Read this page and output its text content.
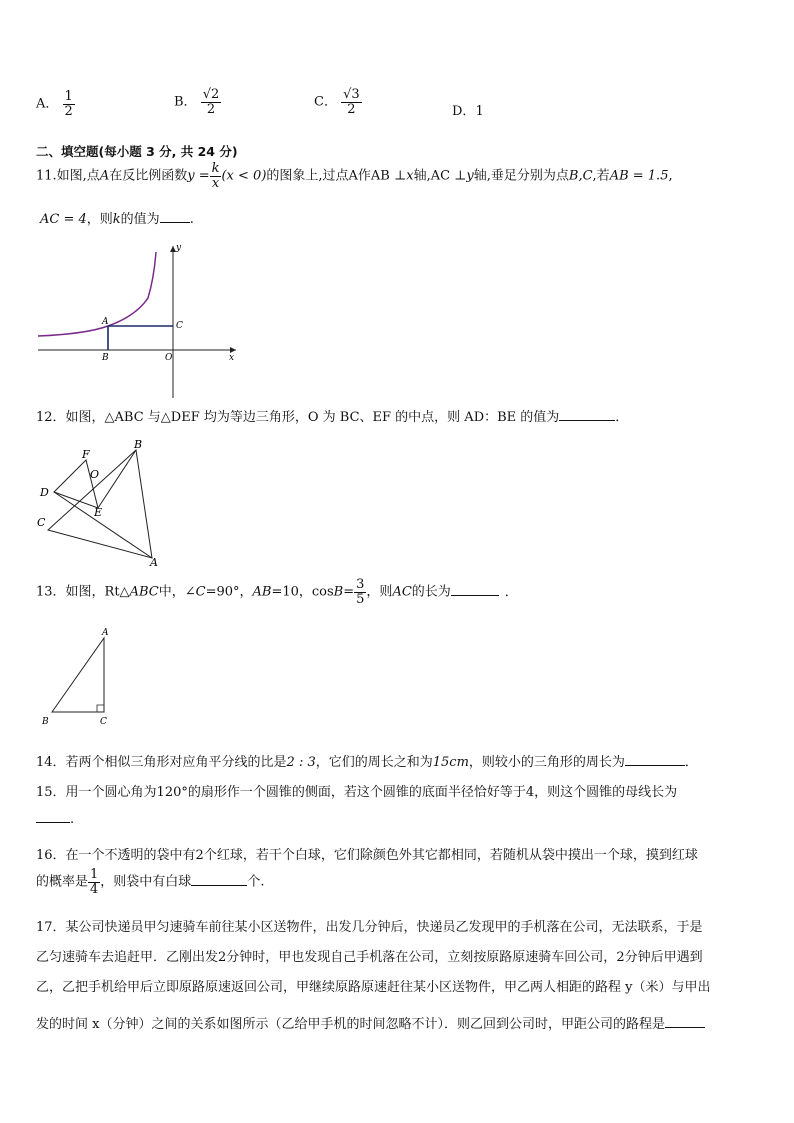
A． $\frac{1}{2}$	B． $\frac{√2}{2}$	C． $\frac{√3}{2}$	D．1
二、填空题(每小题 3 分, 共 24 分)
11.如图,点A在反比例函数$y = \frac{k}{x} (x < 0)$的图象上,过点A作AB ⊥x轴,AC ⊥y轴,垂足分别为点B,C,若AB = 1.5,
AC = 4，则k的值为 .
y
x
A	C
B	O
12．如图，△ABC 与△DEF 均为等边三角形，O 为 BC、EF 的中点，则 AD：BE 的值为	．
B
F
O
D
E
C
A
13．如图，Rt△ABC中，∠C=90°，AB=10，$\cos B= \frac{3}{5}$ ，则AC的长为	．
A
B	C
14．若两个相似三角形对应角平分线的比是2 : 3，它们的周长之和为15cm，则较小的三角形的周长为	．
15．用一个圆心角为120°的扇形作一个圆锥的侧面，若这个圆锥的底面半径恰好等于4，则这个圆锥的母线长为
.
16．在一个不透明的袋中有2个红球，若干个白球，它们除颜色外其它都相同，若随机从袋中摸出一个球，摸到红球
的概率是 $\frac{1}{4}$ ，则袋中有白球	个.
17．某公司快递员甲匀速骑车前往某小区送物件，出发几分钟后，快递员乙发现甲的手机落在公司，无法联系，于是
乙匀速骑车去追赶甲．乙刚出发2分钟时，甲也发现自己手机落在公司，立刻按原路原速骑车回公司，2分钟后甲遇到
乙，乙把手机给甲后立即原路原速返回公司，甲继续原路原速赶往某小区送物件，甲乙两人相距的路程 y（米）与甲出
发的时间 x（分钟）之间的关系如图所示（乙给甲手机的时间忽略不计）．则乙回到公司时，甲距公司的路程是
